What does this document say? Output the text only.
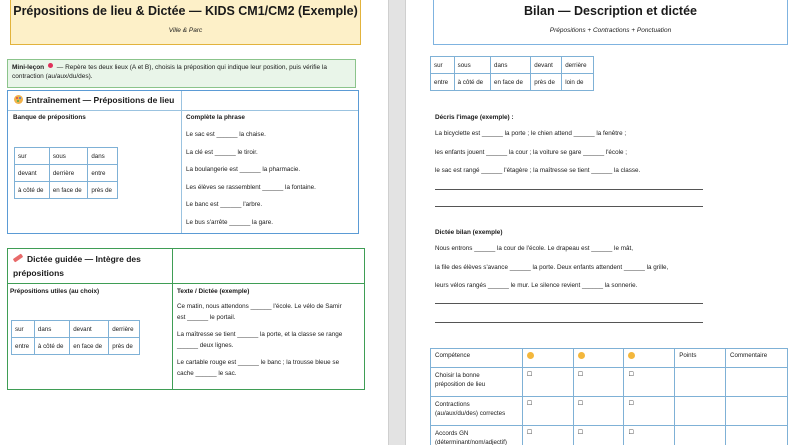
Prépositions de lieu & Dictée — KIDS CM1/CM2 (Exemple)
Ville & Parc
Mini-leçon — Repère tes deux lieux (A et B), choisis la préposition qui indique leur position, puis vérifie la contraction (au/aux/du/des).
Entraînement — Prépositions de lieu
Banque de prépositions
sur	sous	dans
devant	derrière	entre
à côté de	en face de	près de
Complète la phrase
Le sac est ______ la chaise.
La clé est ______ le tiroir.
La boulangerie est ______ la pharmacie.
Les élèves se rassemblent ______ la fontaine.
Le banc est ______ l'arbre.
Le bus s'arrête ______ la gare.
Dictée guidée — Intègre des
prépositions
Prépositions utiles (au choix)
sur	dans	devant	derrière
entre	à côté de	en face de	près de
Texte / Dictée (exemple)
Ce matin, nous attendons ______ l'école. Le vélo de Samir
est ______ le portail.
La maîtresse se tient ______ la porte, et la classe se range
______ deux lignes.
Le cartable rouge est ______ le banc ; la trousse bleue se
cache ______ le sac.
Bilan — Description et dictée
Prépositions + Contractions + Ponctuation
sur	sous	dans	devant	derrière
entre	à côté de	en face de	près de	loin de
Décris l'image (exemple) :
La bicyclette est ______ la porte ; le chien attend ______ la fenêtre ;
les enfants jouent ______ la cour ; la voiture se gare ______ l'école ;
le sac est rangé ______ l'étagère ; la maîtresse se tient ______ la classe.
Dictée bilan (exemple)
Nous entrons ______ la cour de l'école. Le drapeau est ______ le mât,
la file des élèves s'avance ______ la porte. Deux enfants attendent ______ la grille,
leurs vélos rangés ______ le mur. Le silence revient ______ la sonnerie.
Compétence				Points	Commentaire

Choisir la bonne
préposition de lieu	☐	☐	☐		

Contractions
(au/aux/du/des) correctes	☐	☐	☐		

Accords GN
(déterminant/nom/adjectif)	☐	☐	☐		
